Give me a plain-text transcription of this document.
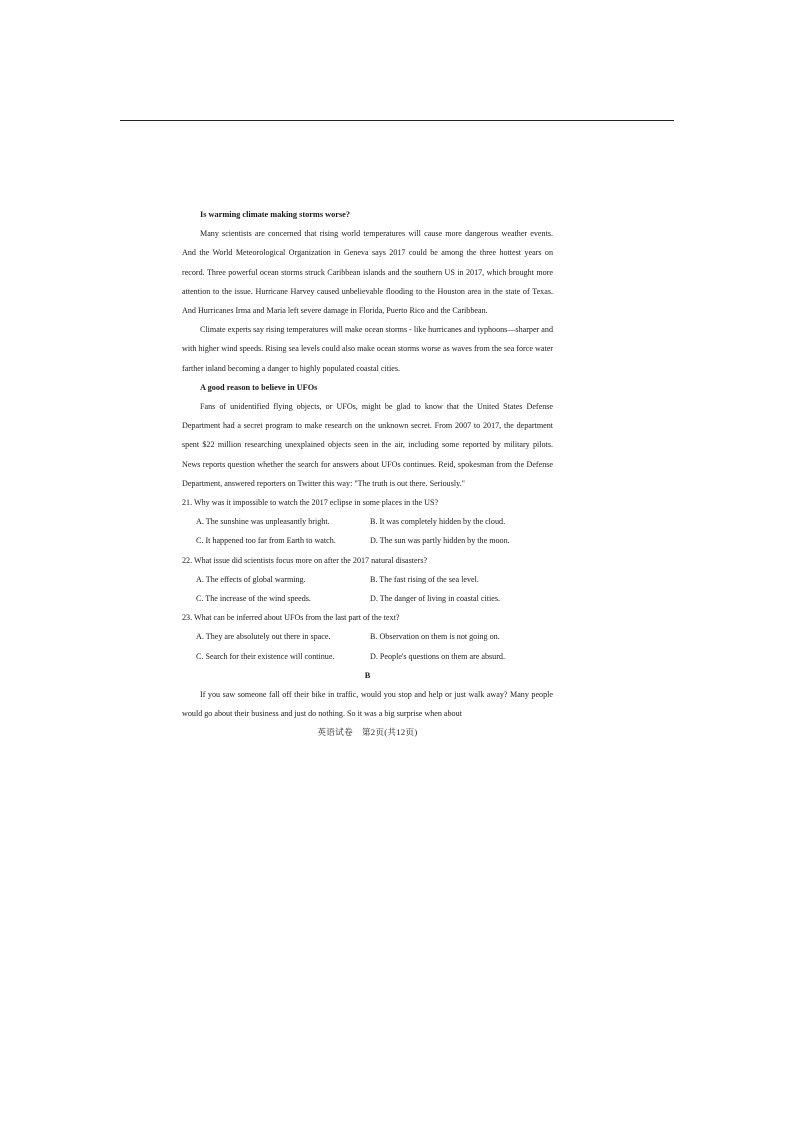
Is warming climate making storms worse?

Many scientists are concerned that rising world temperatures will cause more dangerous weather events. And the World Meteorological Organization in Geneva says 2017 could be among the three hottest years on record. Three powerful ocean storms struck Caribbean islands and the southern US in 2017, which brought more attention to the issue. Hurricane Harvey caused unbelievable flooding to the Houston area in the state of Texas. And Hurricanes Irma and Maria left severe damage in Florida, Puerto Rico and the Caribbean.

Climate experts say rising temperatures will make ocean storms - like hurricanes and typhoons—sharper and with higher wind speeds. Rising sea levels could also make ocean storms worse as waves from the sea force water farther inland becoming a danger to highly populated coastal cities.

A good reason to believe in UFOs

Fans of unidentified flying objects, or UFOs, might be glad to know that the United States Defense Department had a secret program to make research on the unknown secret. From 2007 to 2017, the department spent $22 million researching unexplained objects seen in the air, including some reported by military pilots. News reports question whether the search for answers about UFOs continues. Reid, spokesman from the Defense Department, answered reporters on Twitter this way: "The truth is out there. Seriously."

21. Why was it impossible to watch the 2017 eclipse in some places in the US?

A. The sunshine was unpleasantly bright.	B. It was completely hidden by the cloud.
C. It happened too far from Earth to watch.	D. The sun was partly hidden by the moon.

22. What issue did scientists focus more on after the 2017 natural disasters?

A. The effects of global warming.	B. The fast rising of the sea level.
C. The increase of the wind speeds.	D. The danger of living in coastal cities.

23. What can be inferred about UFOs from the last part of the text?

A. They are absolutely out there in space.	B. Observation on them is not going on.
C. Search for their existence will continue.	D. People's questions on them are absurd.

B

If you saw someone fall off their bike in traffic, would you stop and help or just walk away? Many people would go about their business and just do nothing. So it was a big surprise when about

英语试卷　第2页(共12页)
